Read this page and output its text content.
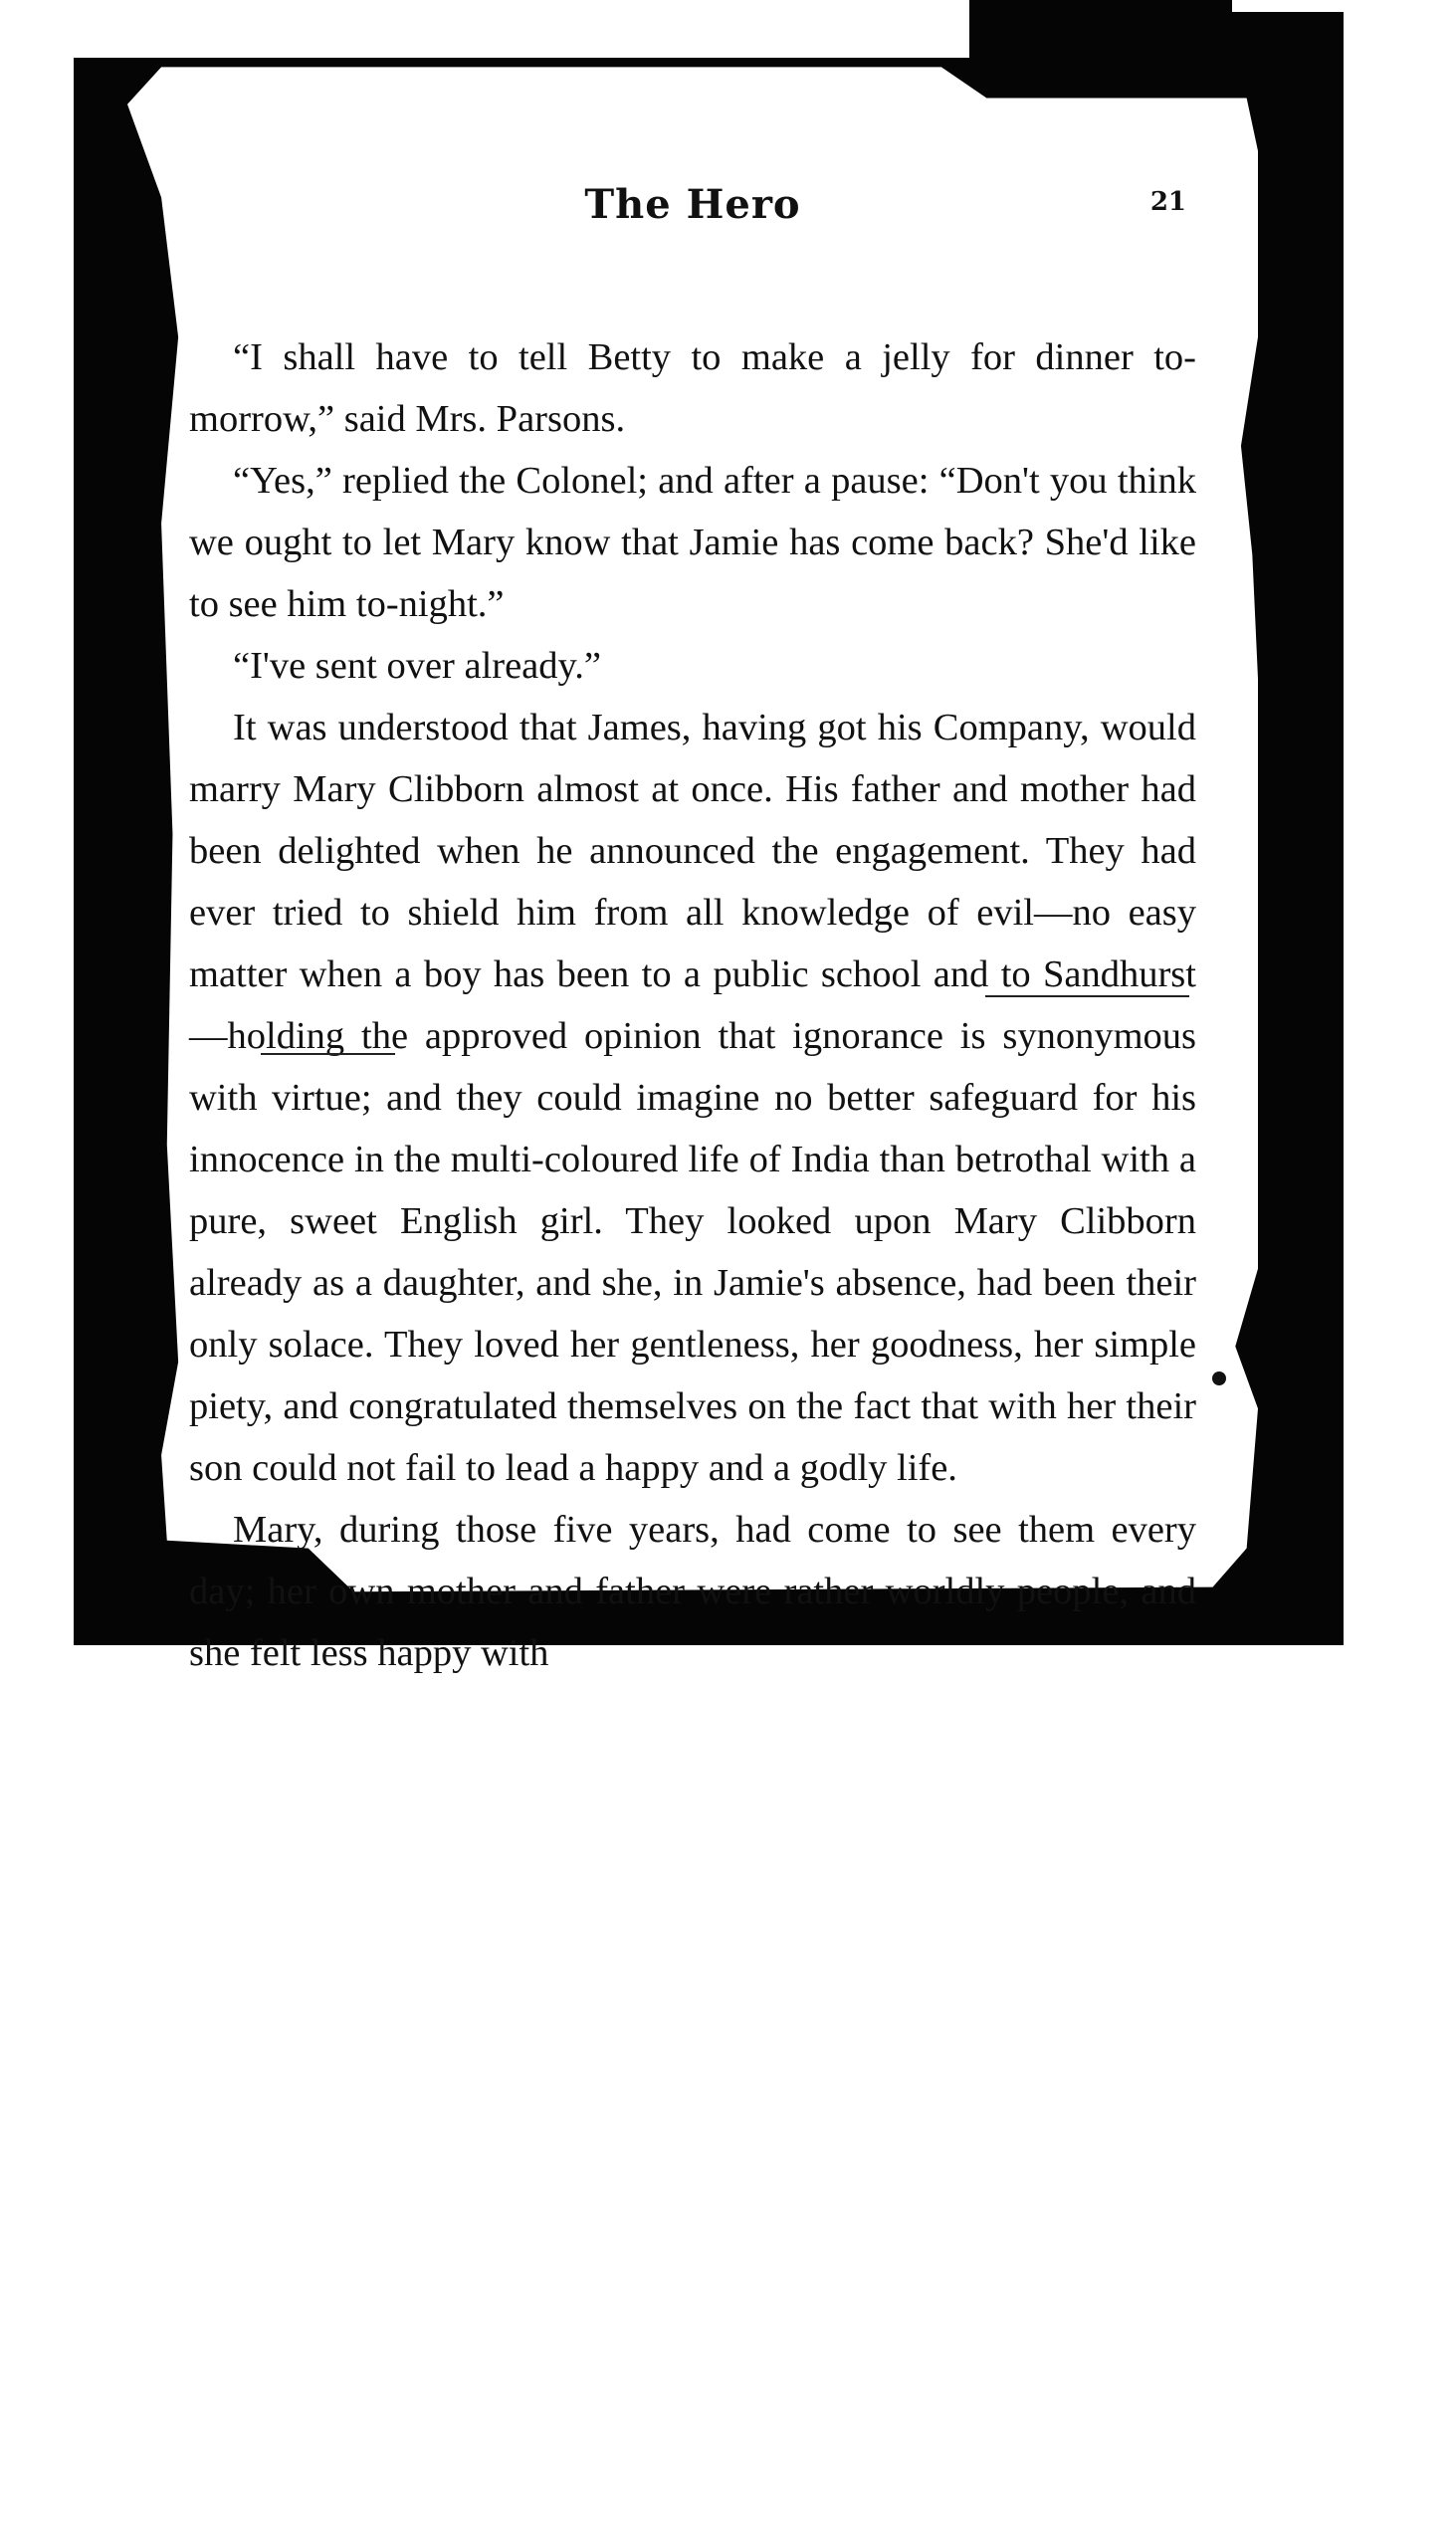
The Hero	21

“I shall have to tell Betty to make a jelly for dinner to-morrow,” said Mrs. Parsons.

“Yes,” replied the Colonel; and after a pause: “Don't you think we ought to let Mary know that Jamie has come back? She'd like to see him to-night.”

“I've sent over already.”

It was understood that James, having got his Company, would marry Mary Clibborn almost at once. His father and mother had been delighted when he announced the engagement. They had ever tried to shield him from all knowledge of evil—no easy matter when a boy has been to a public school and to Sandhurst—holding the approved opinion that ignorance is synonymous with virtue; and they could imagine no better safeguard for his innocence in the multi-coloured life of India than betrothal with a pure, sweet English girl. They looked upon Mary Clibborn already as a daughter, and she, in Jamie's absence, had been their only solace. They loved her gentleness, her goodness, her simple piety, and congratulated themselves on the fact that with her their son could not fail to lead a happy and a godly life.

Mary, during those five years, had come to see them every day; her own mother and father were rather worldly people, and she felt less happy with
